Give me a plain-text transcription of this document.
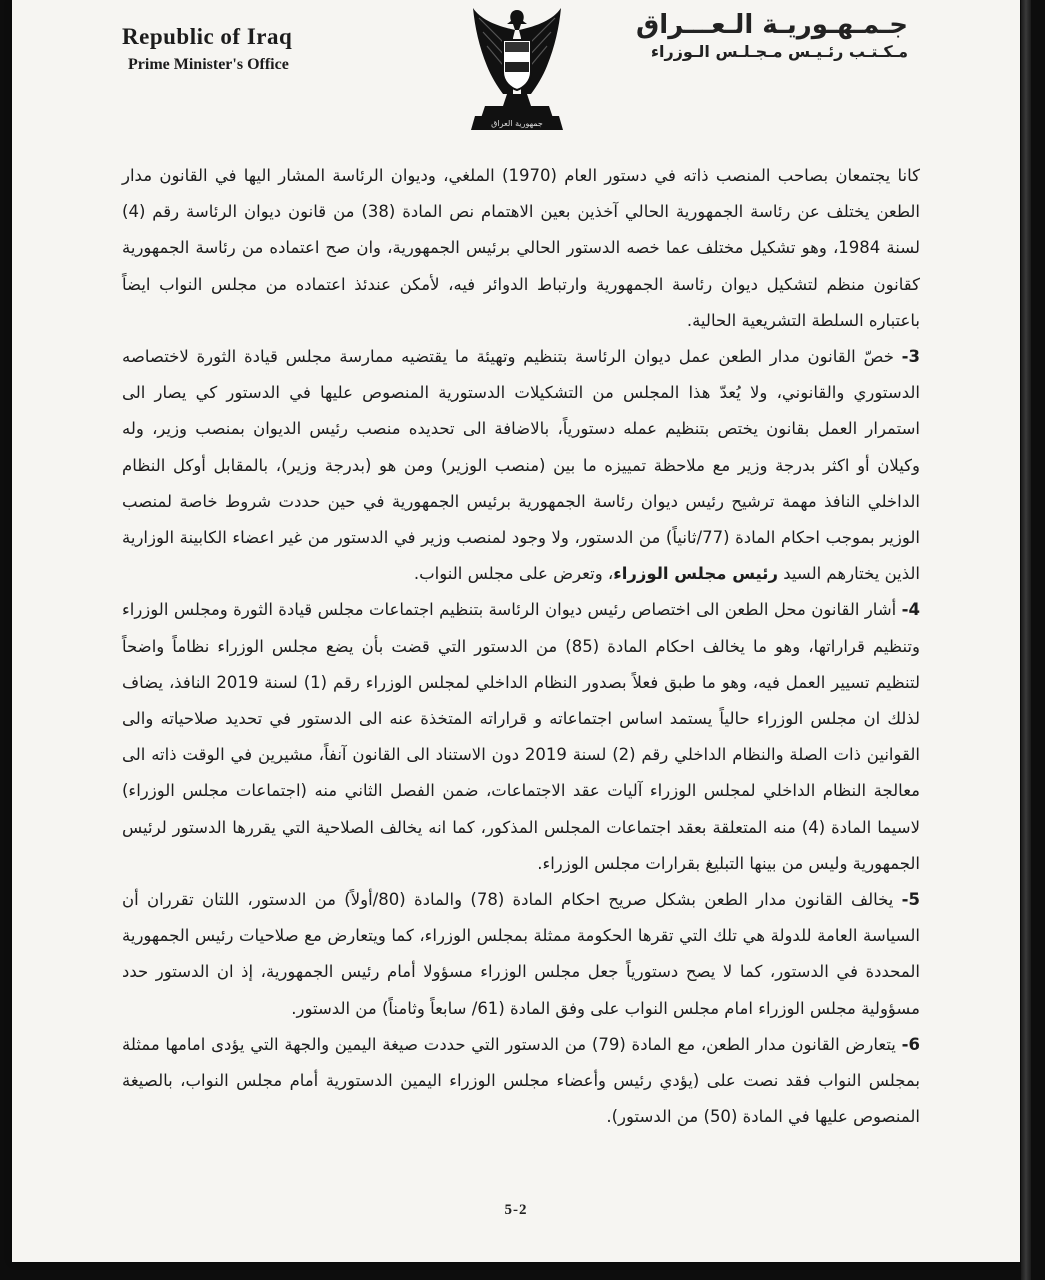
Republic of Iraq
Prime Minister's Office
جمهورية العراق
جـمـهـوريـة الـعـــراق
مـكـتـب رئـيـس مـجـلـس الـوزراء

كانا يجتمعان بصاحب المنصب ذاته في دستور العام (1970) الملغي، وديوان الرئاسة المشار اليها في القانون مدار الطعن يختلف عن رئاسة الجمهورية الحالي آخذين بعين الاهتمام نص المادة (38) من قانون ديوان الرئاسة رقم (4) لسنة 1984، وهو تشكيل مختلف عما خصه الدستور الحالي برئيس الجمهورية، وان صح اعتماده من رئاسة الجمهورية كقانون منظم لتشكيل ديوان رئاسة الجمهورية وارتباط الدوائر فيه، لأمكن عندئذ اعتماده من مجلس النواب ايضاً باعتباره السلطة التشريعية الحالية.

3- خصّ القانون مدار الطعن عمل ديوان الرئاسة بتنظيم وتهيئة ما يقتضيه ممارسة مجلس قيادة الثورة لاختصاصه الدستوري والقانوني، ولا يُعدّ هذا المجلس من التشكيلات الدستورية المنصوص عليها في الدستور كي يصار الى استمرار العمل بقانون يختص بتنظيم عمله دستورياً، بالاضافة الى تحديده منصب رئيس الديوان بمنصب وزير، وله وكيلان أو اكثر بدرجة وزير مع ملاحظة تمييزه ما بين (منصب الوزير) ومن هو (بدرجة وزير)، بالمقابل أوكل النظام الداخلي النافذ مهمة ترشيح رئيس ديوان رئاسة الجمهورية برئيس الجمهورية في حين حددت شروط خاصة لمنصب الوزير بموجب احكام المادة (77/ثانياً) من الدستور، ولا وجود لمنصب وزير في الدستور من غير اعضاء الكابينة الوزارية الذين يختارهم السيد رئيس مجلس الوزراء، وتعرض على مجلس النواب.

4- أشار القانون محل الطعن الى اختصاص رئيس ديوان الرئاسة بتنظيم اجتماعات مجلس قيادة الثورة ومجلس الوزراء وتنظيم قراراتها، وهو ما يخالف احكام المادة (85) من الدستور التي قضت بأن يضع مجلس الوزراء نظاماً واضحاً لتنظيم تسيير العمل فيه، وهو ما طبق فعلاً بصدور النظام الداخلي لمجلس الوزراء رقم (1) لسنة 2019 النافذ، يضاف لذلك ان مجلس الوزراء حالياً يستمد اساس اجتماعاته و قراراته المتخذة عنه الى الدستور في تحديد صلاحياته والى القوانين ذات الصلة والنظام الداخلي رقم (2) لسنة 2019 دون الاستناد الى القانون آنفاً، مشيرين في الوقت ذاته الى معالجة النظام الداخلي لمجلس الوزراء آليات عقد الاجتماعات، ضمن الفصل الثاني منه (اجتماعات مجلس الوزراء) لاسيما المادة (4) منه المتعلقة بعقد اجتماعات المجلس المذكور، كما انه يخالف الصلاحية التي يقررها الدستور لرئيس الجمهورية وليس من بينها التبليغ بقرارات مجلس الوزراء.

5- يخالف القانون مدار الطعن بشكل صريح احكام المادة (78) والمادة (80/أولاً) من الدستور، اللتان تقرران أن السياسة العامة للدولة هي تلك التي تقرها الحكومة ممثلة بمجلس الوزراء، كما ويتعارض مع صلاحيات رئيس الجمهورية المحددة في الدستور، كما لا يصح دستورياً جعل مجلس الوزراء مسؤولا أمام رئيس الجمهورية، إذ ان الدستور حدد مسؤولية مجلس الوزراء امام مجلس النواب على وفق المادة (61/ سابعاً وثامناً) من الدستور.

6- يتعارض القانون مدار الطعن، مع المادة (79) من الدستور التي حددت صيغة اليمين والجهة التي يؤدى امامها ممثلة بمجلس النواب فقد نصت على (يؤدي رئيس وأعضاء مجلس الوزراء اليمين الدستورية أمام مجلس النواب، بالصيغة المنصوص عليها في المادة (50) من الدستور).

5-2
